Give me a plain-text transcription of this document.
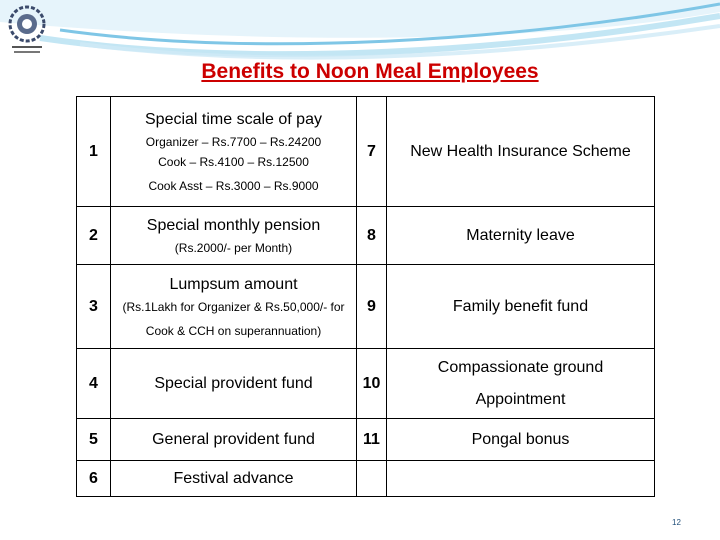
Benefits to Noon Meal Employees
1	Special time scale of pay
Organizer – Rs.7700 – Rs.24200
Cook – Rs.4100 – Rs.12500
Cook Asst – Rs.3000 – Rs.9000	7	New Health Insurance Scheme
2	Special monthly pension
(Rs.2000/- per Month)	8	Maternity leave
3	Lumpsum amount
(Rs.1Lakh for Organizer & Rs.50,000/- for
Cook & CCH on superannuation)	9	Family benefit fund
4	Special provident fund	10	Compassionate ground
Appointment

5	General provident fund	11	Pongal bonus
6	Festival advance		
12
